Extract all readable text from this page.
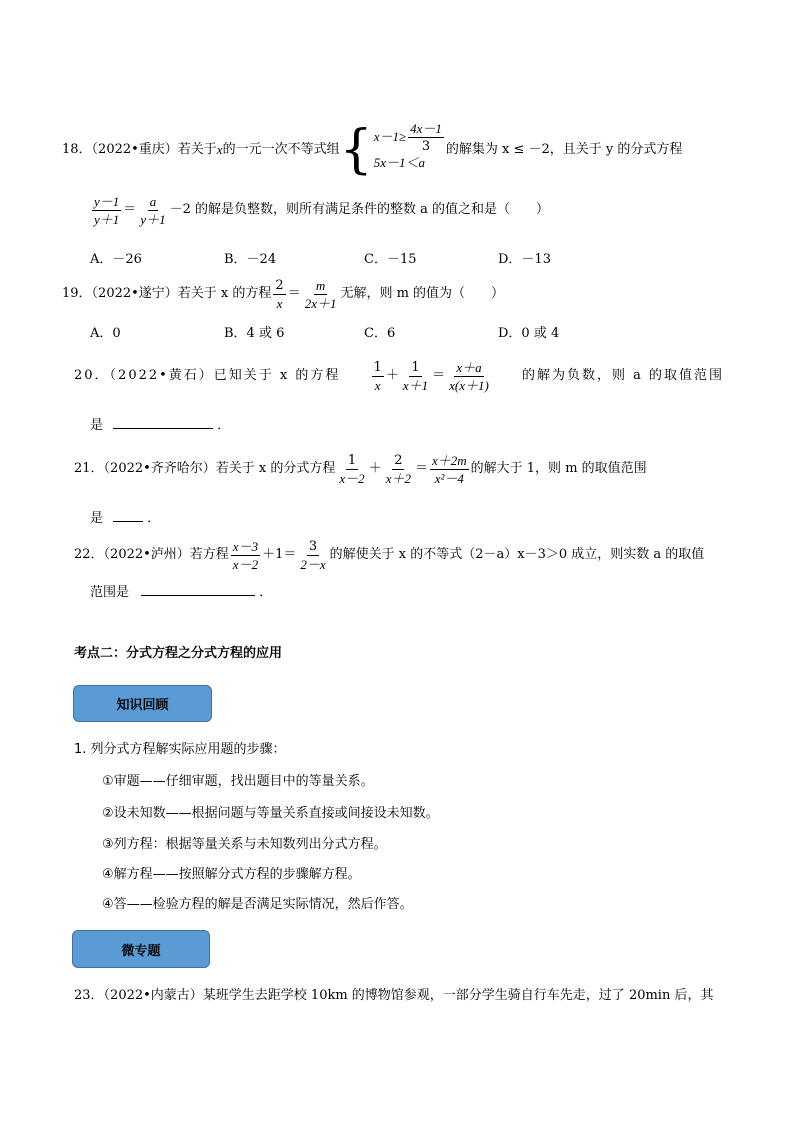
18．（2022•重庆）若关于 x 的一元一次不等式组 { $x-1\ge \frac{4x-1}{3}$
5x－1＜a
的解集为 x ≤ －2，且关于 y 的分式方程
$\frac{y-1}{y+1} = \frac{a}{y+1} -2$ 的解是负整数，则所有满足条件的整数 a 的值之和是（　　）
A．－26	B．－24	C．－15	D．－13
19．（2022•遂宁）若关于 x 的方程 $\frac{2}{x} = \frac{m}{2x+1}$ 无解，则 m 的值为（　　）
A．0	B．4 或 6	C．6	D．0 或 4
20．（2022•黄石）已知关于 x 的方程 $\frac{1}{x} + \frac{1}{x+1} = \frac{x+a}{x(x+1)}$ 的解为负数，则 a 的取值范围
是	．
21．（2022•齐齐哈尔）若关于 x 的分式方程 $\frac{1}{x-2} + \frac{2}{x+2} = \frac{x+2m}{\text{x²－4}}$ 的解大于 1，则 m 的取值范围
是	．
22．（2022•泸州）若方程 $\frac{x-3}{x-2} +1= \frac{3}{2-x}$ 的解使关于 x 的不等式（2－a）x－3＞0 成立，则实数 a 的取值
范围是	．
考点二：分式方程之分式方程的应用
知识回顾
1. 列分式方程解实际应用题的步骤：
①审题——仔细审题，找出题目中的等量关系。
②设未知数——根据问题与等量关系直接或间接设未知数。
③列方程：根据等量关系与未知数列出分式方程。
④解方程——按照解分式方程的步骤解方程。
④答——检验方程的解是否满足实际情况，然后作答。
微专题
23．（2022•内蒙古）某班学生去距学校 10km 的博物馆参观，一部分学生骑自行车先走，过了 20min 后，其
